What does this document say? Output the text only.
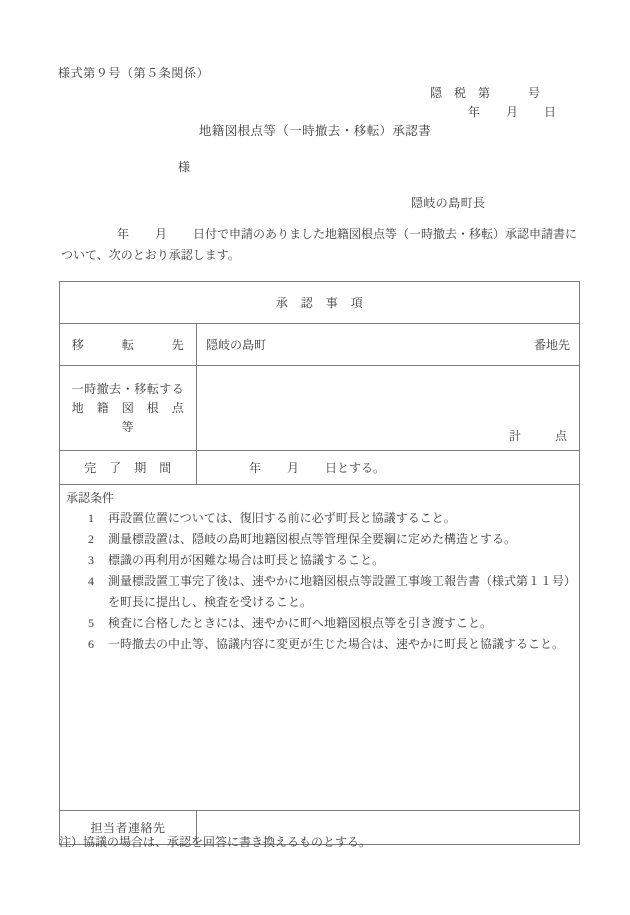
様式第９号（第５条関係）
隠　税　第	号
年 月 日
地籍図根点等（一時撤去・移転）承認書
様
隠岐の島町長
年 月 日付で申請のありました地籍図根点等（一時撤去・移転）承認申請書について、次のとおり承認します。
承　認　事　項	
移　　　転　　　先	隠岐の島町 番地先

一時撤去・移転する
地　籍　図　根　点　等	計 点

完　了　期　間	年 月 日とする。

承認条件
1 再設置位置については、復旧する前に必ず町長と協議すること。
2 測量標設置は、隠岐の島町地籍図根点等管理保全要綱に定めた構造とする。
3 標識の再利用が困難な場合は町長と協議すること。
4 測量標設置工事完了後は、速やかに地籍図根点等設置工事竣工報告書（様式第１１号）を町長に提出し、検査を受けること。
5 検査に合格したときには、速やかに町へ地籍図根点等を引き渡すこと。
6 一時撤去の中止等、協議内容に変更が生じた場合は、速やかに町長と協議すること。

担当者連絡先	
注）協議の場合は、承認を回答に書き換えるものとする。
